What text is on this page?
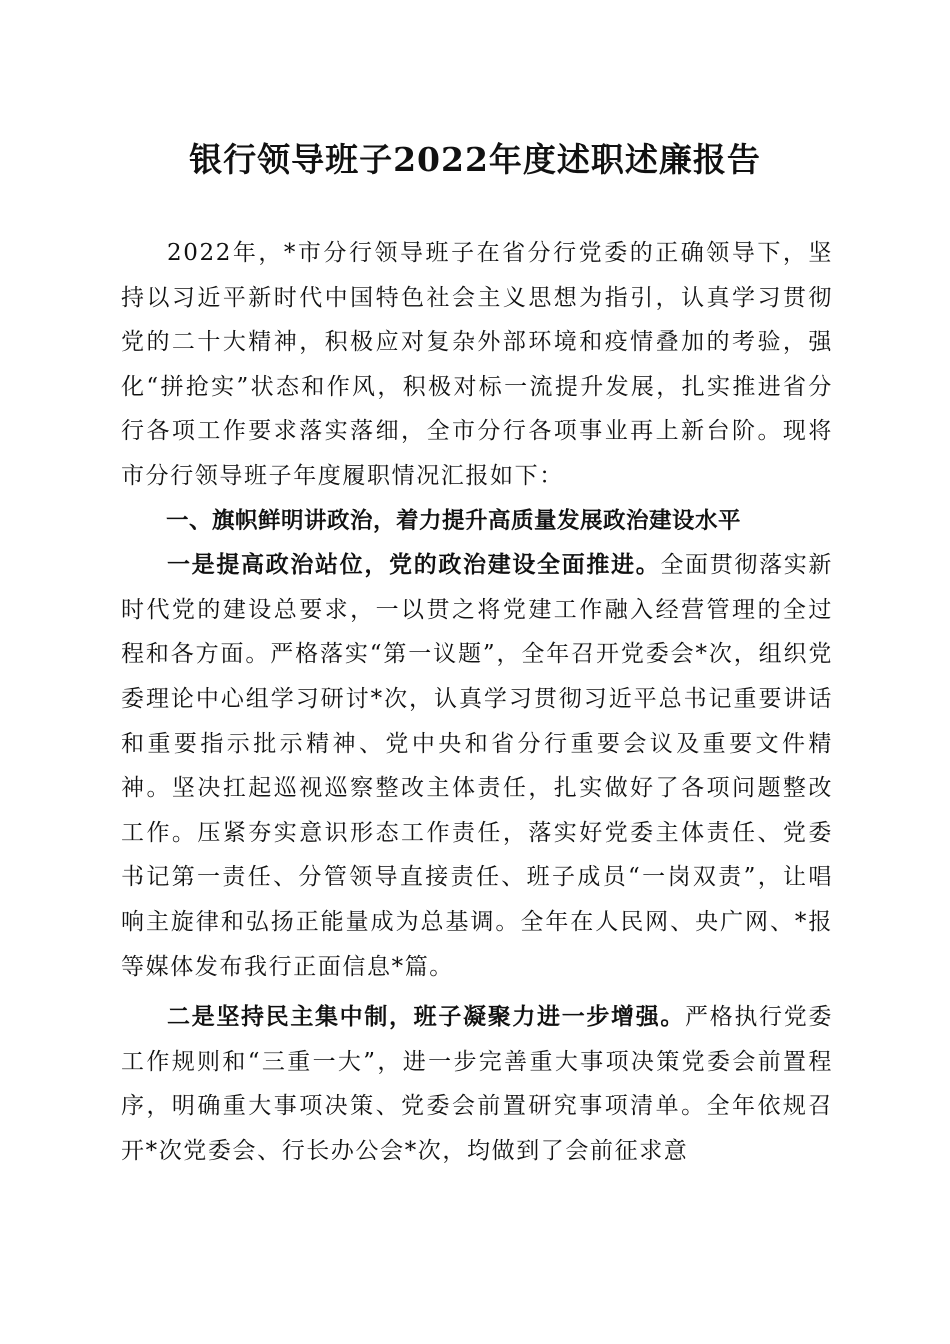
银行领导班子2022年度述职述廉报告

2022年，*市分行领导班子在省分行党委的正确领导下，坚持以习近平新时代中国特色社会主义思想为指引，认真学习贯彻党的二十大精神，积极应对复杂外部环境和疫情叠加的考验，强化“拼抢实”状态和作风，积极对标一流提升发展，扎实推进省分行各项工作要求落实落细，全市分行各项事业再上新台阶。现将市分行领导班子年度履职情况汇报如下：

一、旗帜鲜明讲政治，着力提升高质量发展政治建设水平

一是提高政治站位，党的政治建设全面推进。全面贯彻落实新时代党的建设总要求，一以贯之将党建工作融入经营管理的全过程和各方面。严格落实“第一议题”，全年召开党委会*次，组织党委理论中心组学习研讨*次，认真学习贯彻习近平总书记重要讲话和重要指示批示精神、党中央和省分行重要会议及重要文件精神。坚决扛起巡视巡察整改主体责任，扎实做好了各项问题整改工作。压紧夯实意识形态工作责任，落实好党委主体责任、党委书记第一责任、分管领导直接责任、班子成员“一岗双责”，让唱响主旋律和弘扬正能量成为总基调。全年在人民网、央广网、*报等媒体发布我行正面信息*篇。

二是坚持民主集中制，班子凝聚力进一步增强。严格执行党委工作规则和“三重一大”，进一步完善重大事项决策党委会前置程序，明确重大事项决策、党委会前置研究事项清单。全年依规召开*次党委会、行长办公会*次，均做到了会前征求意
